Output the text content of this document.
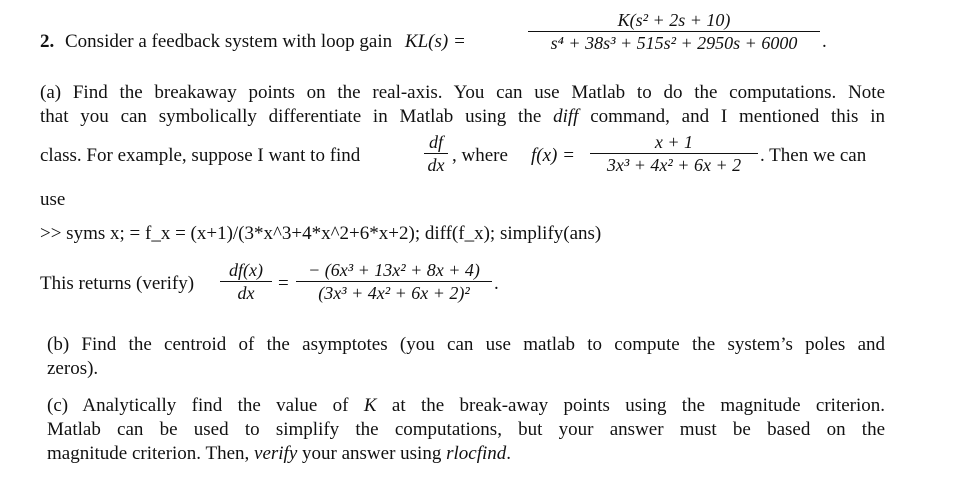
2. Consider a feedback system with loop gain KL(s) =
K(s² + 2s + 10)
s⁴ + 38s³ + 515s² + 2950s + 6000	.
(a) Find the breakaway points on the real-axis. You can use Matlab to do the computations. Note
that you can symbolically differentiate in Matlab using the diff command, and I mentioned this in
class. For example, suppose I want to find
df
dx , where f(x) =
x + 1
3x³ + 4x² + 6x + 2 . Then we can
use
>> syms x; = f_x = (x+1)/(3*x^3+4*x^2+6*x+2); diff(f_x); simplify(ans)
This returns (verify)
df(x)
dx	=
− (6x³ + 13x² + 8x + 4)
(3x³ + 4x² + 6x + 2)²	.
(b) Find the centroid of the asymptotes (you can use matlab to compute the system’s poles and
zeros).
(c) Analytically find the value of K at the break-away points using the magnitude criterion.
Matlab can be used to simplify the computations, but your answer must be based on the
magnitude criterion. Then, verify your answer using rlocfind.
